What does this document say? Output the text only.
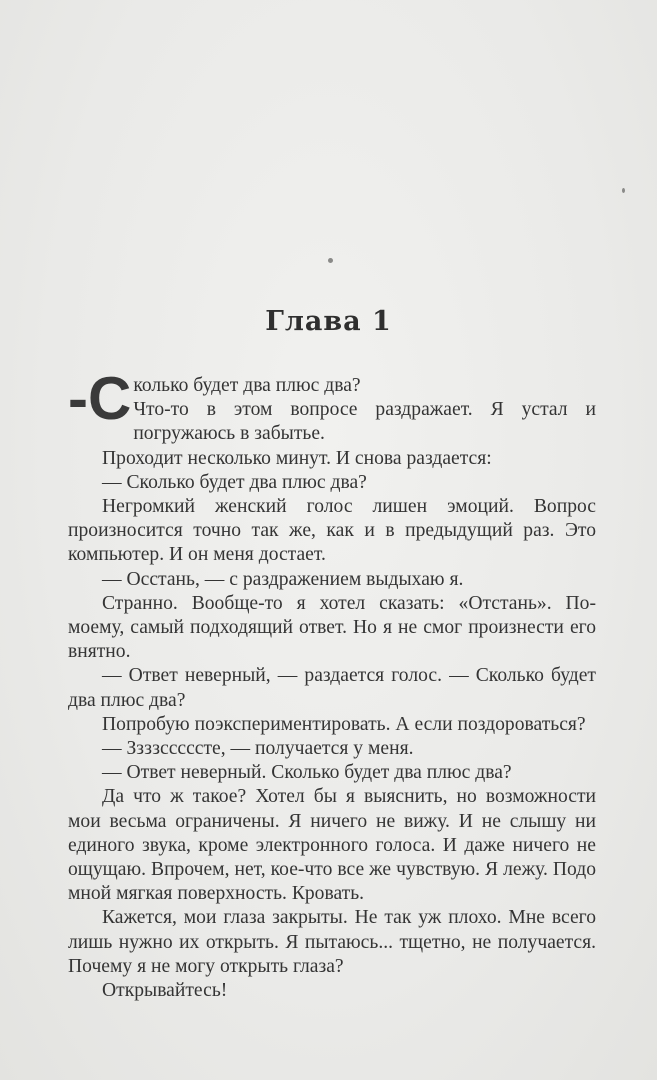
Глава 1

-С колько будет два плюс два?
Что-то в этом вопросе раздражает. Я устал и погружаюсь в забытье.

Проходит несколько минут. И снова раздается:

— Сколько будет два плюс два?

Негромкий женский голос лишен эмоций. Вопрос произносится точно так же, как и в предыдущий раз. Это компьютер. И он меня достает.

— Осстань, — с раздражением выдыхаю я.

Странно. Вообще-то я хотел сказать: «Отстань». По-моему, самый подходящий ответ. Но я не смог произнести его внятно.

— Ответ неверный, — раздается голос. — Сколько будет два плюс два?

Попробую поэкспериментировать. А если поздороваться?

— Ззззсссссте, — получается у меня.

— Ответ неверный. Сколько будет два плюс два?

Да что ж такое? Хотел бы я выяснить, но возможности мои весьма ограничены. Я ничего не вижу. И не слышу ни единого звука, кроме электронного голоса. И даже ничего не ощущаю. Впрочем, нет, кое-что все же чувствую. Я лежу. Подо мной мягкая поверхность. Кровать.

Кажется, мои глаза закрыты. Не так уж плохо. Мне всего лишь нужно их открыть. Я пытаюсь... тщетно, не получается. Почему я не могу открыть глаза?

Открывайтесь!
